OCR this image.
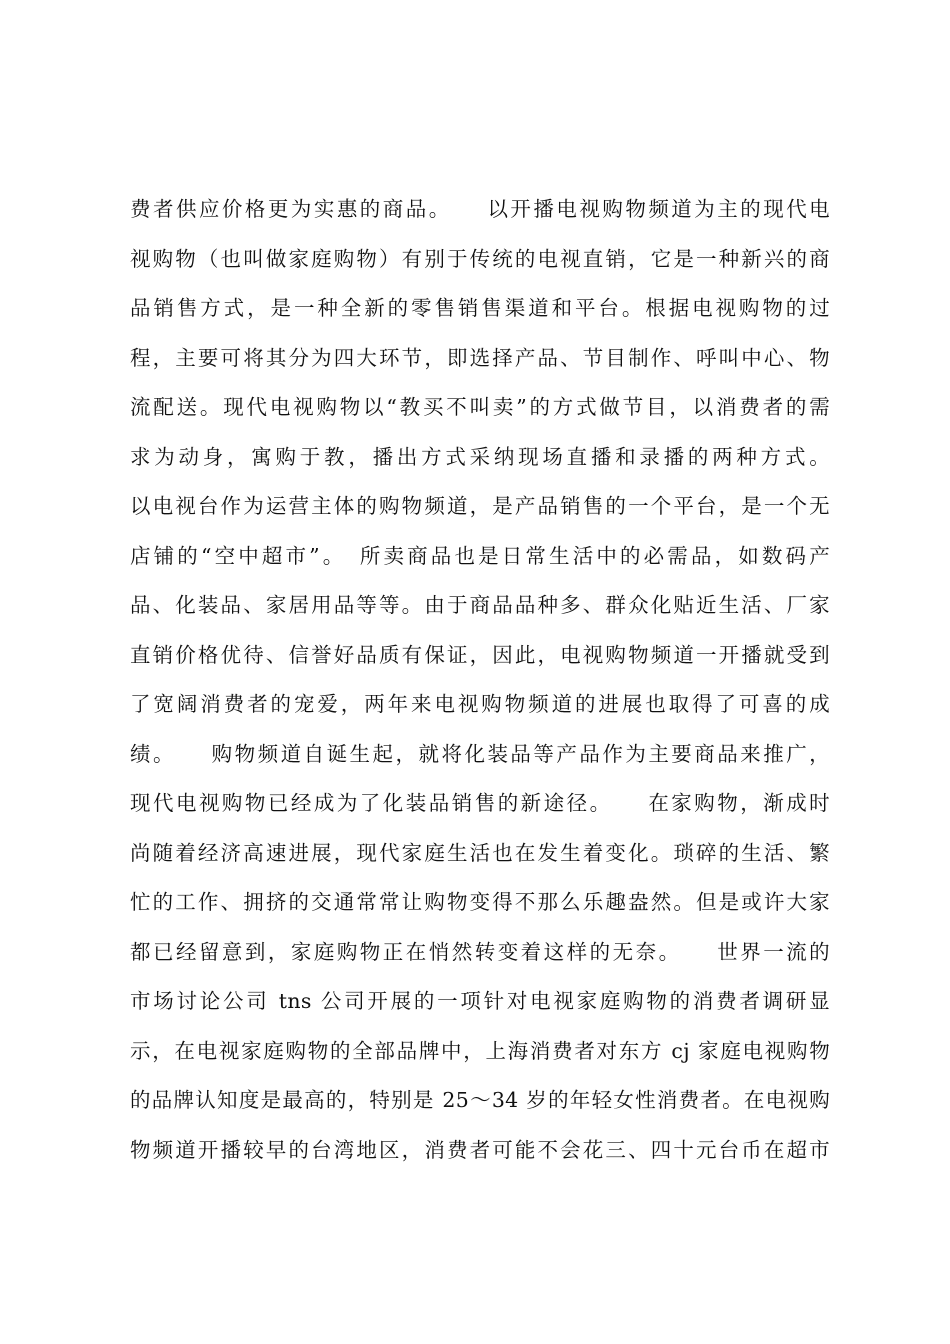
费者供应价格更为实惠的商品。　　以开播电视购物频道为主的现代电
视购物（也叫做家庭购物）有别于传统的电视直销，它是一种新兴的商
品销售方式，是一种全新的零售销售渠道和平台。根据电视购物的过
程，主要可将其分为四大环节，即选择产品、节目制作、呼叫中心、物
流配送。现代电视购物以“教买不叫卖”的方式做节目，以消费者的需
求为动身，寓购于教，播出方式采纳现场直播和录播的两种方式。
以电视台作为运营主体的购物频道，是产品销售的一个平台，是一个无
店铺的“空中超市”。　所卖商品也是日常生活中的必需品，如数码产
品、化装品、家居用品等等。由于商品品种多、群众化贴近生活、厂家
直销价格优待、信誉好品质有保证，因此，电视购物频道一开播就受到
了宽阔消费者的宠爱，两年来电视购物频道的进展也取得了可喜的成
绩。　　购物频道自诞生起，就将化装品等产品作为主要商品来推广，
现代电视购物已经成为了化装品销售的新途径。　　在家购物，渐成时
尚随着经济高速进展，现代家庭生活也在发生着变化。琐碎的生活、繁
忙的工作、拥挤的交通常常让购物变得不那么乐趣盎然。但是或许大家
都已经留意到，家庭购物正在悄然转变着这样的无奈。　　世界一流的
市场讨论公司 tns 公司开展的一项针对电视家庭购物的消费者调研显
示，在电视家庭购物的全部品牌中，上海消费者对东方 cj 家庭电视购物
的品牌认知度是最高的，特别是 25～34 岁的年轻女性消费者。在电视购
物频道开播较早的台湾地区，消费者可能不会花三、四十元台币在超市
